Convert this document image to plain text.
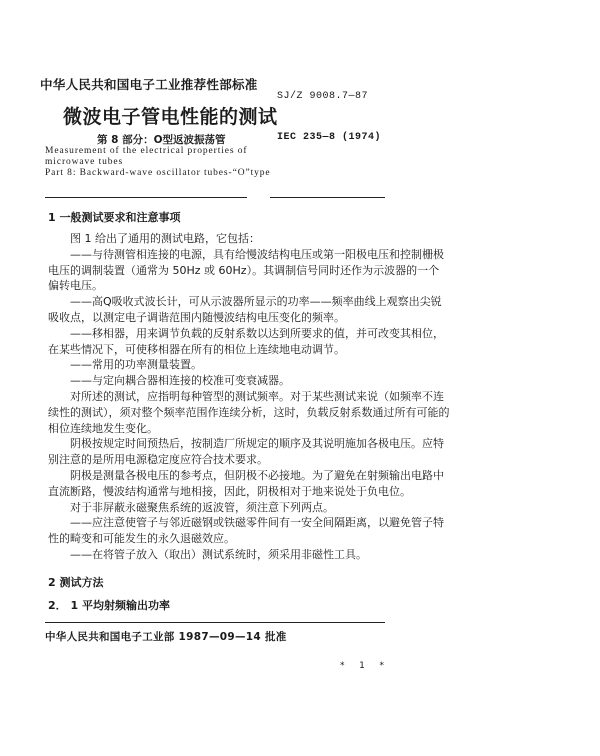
中华人民共和国电子工业推荐性部标准
SJ/Z 9008.7—87
微波电子管电性能的测试
第 8 部分：O型返波振荡管	IEC 235—8 (1974)
Measurement of the electrical properties of
microwave tubes
Part 8: Backward-wave oscillator tubes-“O”type
1 一般测试要求和注意事项
图 1 给出了通用的测试电路，它包括：
——与待测管相连接的电源，具有给慢波结构电压或第一阳极电压和控制栅极
电压的调制装置（通常为 50Hz 或 60Hz）。其调制信号同时还作为示波器的一个
偏转电压。
——高Q吸收式波长计，可从示波器所显示的功率——频率曲线上观察出尖锐
吸收点，以测定电子调谐范围内随慢波结构电压变化的频率。
——移相器，用来调节负载的反射系数以达到所要求的值，并可改变其相位，
在某些情况下，可使移相器在所有的相位上连续地电动调节。
——常用的功率测量装置。
——与定向耦合器相连接的校准可变衰减器。
对所述的测试，应指明每种管型的测试频率。对于某些测试来说（如频率不连
续性的测试），须对整个频率范围作连续分析，这时，负载反射系数通过所有可能的
相位连续地发生变化。
阴极按规定时间预热后，按制造厂所规定的顺序及其说明施加各极电压。应特
别注意的是所用电源稳定度应符合技术要求。
阴极是测量各极电压的参考点，但阴极不必接地。为了避免在射频输出电路中
直流断路，慢波结构通常与地相接，因此，阴极相对于地来说处于负电位。
对于非屏蔽永磁聚焦系统的返波管，须注意下列两点。
——应注意使管子与邻近磁钢或铁磁零件间有一安全间隔距离，以避免管子特
性的畸变和可能发生的永久退磁效应。
——在将管子放入（取出）测试系统时，须采用非磁性工具。
2 测试方法
2． 1 平均射频输出功率
中华人民共和国电子工业部 1987—09—14 批准
* 1 *
